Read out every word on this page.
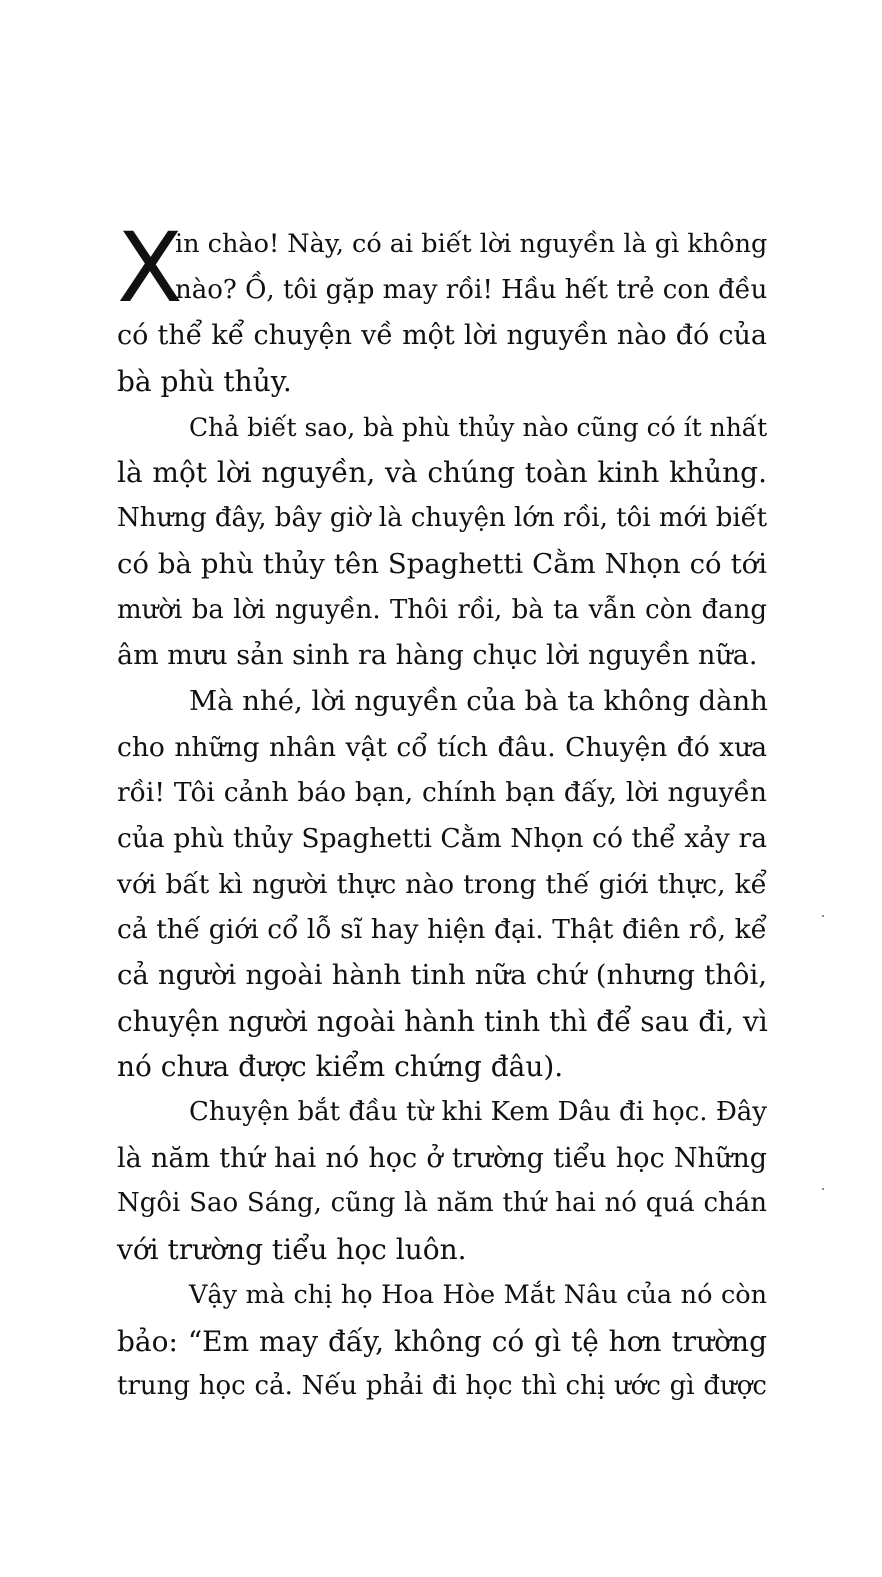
X
in chào! Này, có ai biết lời nguyền là gì không
nào? Ồ, tôi gặp may rồi! Hầu hết trẻ con đều
có thể kể chuyện về một lời nguyền nào đó của
bà phù thủy.
Chả biết sao, bà phù thủy nào cũng có ít nhất
là một lời nguyền, và chúng toàn kinh khủng.
Nhưng đây, bây giờ là chuyện lớn rồi, tôi mới biết
có bà phù thủy tên Spaghetti Cằm Nhọn có tới
mười ba lời nguyền. Thôi rồi, bà ta vẫn còn đang
âm mưu sản sinh ra hàng chục lời nguyền nữa.
Mà nhé, lời nguyền của bà ta không dành
cho những nhân vật cổ tích đâu. Chuyện đó xưa
rồi! Tôi cảnh báo bạn, chính bạn đấy, lời nguyền
của phù thủy Spaghetti Cằm Nhọn có thể xảy ra
với bất kì người thực nào trong thế giới thực, kể
cả thế giới cổ lỗ sĩ hay hiện đại. Thật điên rồ, kể
cả người ngoài hành tinh nữa chứ (nhưng thôi,
chuyện người ngoài hành tinh thì để sau đi, vì
nó chưa được kiểm chứng đâu).
Chuyện bắt đầu từ khi Kem Dâu đi học. Đây
là năm thứ hai nó học ở trường tiểu học Những
Ngôi Sao Sáng, cũng là năm thứ hai nó quá chán
với trường tiểu học luôn.
Vậy mà chị họ Hoa Hòe Mắt Nâu của nó còn
bảo: “Em may đấy, không có gì tệ hơn trường
trung học cả. Nếu phải đi học thì chị ước gì được
